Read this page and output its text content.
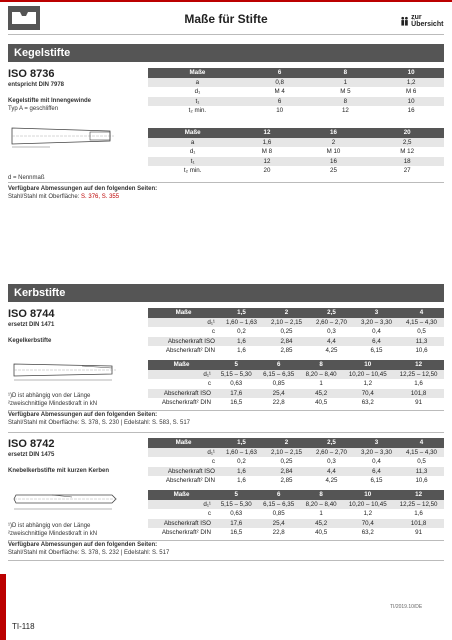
Maße für Stifte	zur Übersicht
Kegelstifte
ISO 8736
entspricht DIN 7978
Kegelstifte mit Innengewinde
Typ A = geschliffen
d = Nennmaß
Verfügbare Abmessungen auf den folgenden Seiten:
Stahl/Stahl mit Oberfläche: S. 376, S. 355
Maße	6	8	10
a	0,8	1	1,2
d₁	M 4	M 5	M 6
t₁	6	8	10
t₂ min.	10	12	16
Maße	12	16	20
a	1,6	2	2,5
d₁	M 8	M 10	M 12
t₁	12	16	18
t₂ min.	20	25	27
Kerbstifte
ISO 8744
ersetzt DIN 1471
Kegelkerbstifte
¹)D ist abhängig von der Länge
²zweischnittige Mindestkraft in kN
Verfügbare Abmessungen auf den folgenden Seiten:
Stahl/Stahl mit Oberfläche: S. 378, S. 230 | Edelstahl: S. 583, S. 517
Maße	1,5	2	2,5	3	4
d₁¹	1,60 – 1,63	2,10 – 2,15	2,60 – 2,70	3,20 – 3,30	4,15 – 4,30
c	0,2	0,25	0,3	0,4	0,5
Abscherkraft ISO	1,6	2,84	4,4	6,4	11,3
Abscherkraft² DIN	1,6	2,85	4,25	6,15	10,6
Maße	5	6	8	10	12
d₁¹	5,15 – 5,30	6,15 – 6,35	8,20 – 8,40	10,20 – 10,45	12,25 – 12,50
c	0,63	0,85	1	1,2	1,6
Abscherkraft ISO	17,6	25,4	45,2	70,4	101,8
Abscherkraft² DIN	16,5	22,8	40,5	63,2	91
ISO 8742
ersetzt DIN 1475
Knebelkerbstifte mit kurzen Kerben
¹)D ist abhängig von der Länge
²zweischnittige Mindestkraft in kN
Verfügbare Abmessungen auf den folgenden Seiten:
Stahl/Stahl mit Oberfläche: S. 378, S. 232 | Edelstahl: S. 517
Maße	1,5	2	2,5	3	4
d₁¹	1,60 – 1,63	2,10 – 2,15	2,60 – 2,70	3,20 – 3,30	4,15 – 4,30
c	0,2	0,25	0,3	0,4	0,5
Abscherkraft ISO	1,6	2,84	4,4	6,4	11,3
Abscherkraft² DIN	1,6	2,85	4,25	6,15	10,6
Maße	5	6	8	10	12
d₁¹	5,15 – 5,30	6,15 – 6,35	8,20 – 8,40	10,20 – 10,45	12,25 – 12,50
c	0,63	0,85	1	1,2	1,6
Abscherkraft ISO	17,6	25,4	45,2	70,4	101,8
Abscherkraft² DIN	16,5	22,8	40,5	63,2	91
TI/2019.10/DE
TI-118
